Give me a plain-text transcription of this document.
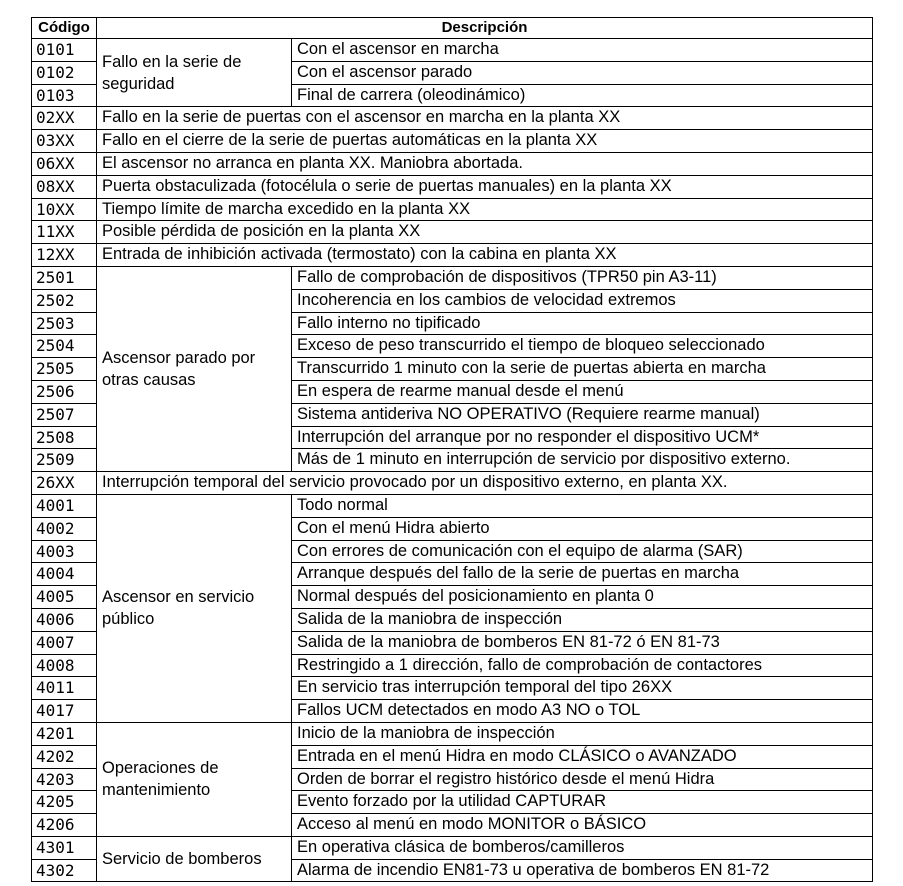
Código	Descripción	
0101	Fallo en la serie de seguridad	Con el ascensor en marcha
0102		Con el ascensor parado
0103		Final de carrera (oleodinámico)
02XX	Fallo en la serie de puertas con el ascensor en marcha en la planta XX	
03XX	Fallo en el cierre de la serie de puertas automáticas en la planta XX	
06XX	El ascensor no arranca en planta XX. Maniobra abortada.	
08XX	Puerta obstaculizada (fotocélula o serie de puertas manuales) en la planta XX	
10XX	Tiempo límite de marcha excedido en la planta XX	
11XX	Posible pérdida de posición en la planta XX	
12XX	Entrada de inhibición activada (termostato) con la cabina en planta XX	
2501	Ascensor parado por otras causas	Fallo de comprobación de dispositivos (TPR50 pin A3-11)
2502		Incoherencia en los cambios de velocidad extremos
2503		Fallo interno no tipificado
2504		Exceso de peso transcurrido el tiempo de bloqueo seleccionado
2505		Transcurrido 1 minuto con la serie de puertas abierta en marcha
2506		En espera de rearme manual desde el menú
2507		Sistema antideriva NO OPERATIVO (Requiere rearme manual)
2508		Interrupción del arranque por no responder el dispositivo UCM*
2509		Más de 1 minuto en interrupción de servicio por dispositivo externo.
26XX	Interrupción temporal del servicio provocado por un dispositivo externo, en planta XX.	
4001	Ascensor en servicio público	Todo normal
4002		Con el menú Hidra abierto
4003		Con errores de comunicación con el equipo de alarma (SAR)
4004		Arranque después del fallo de la serie de puertas en marcha
4005		Normal después del posicionamiento en planta 0
4006		Salida de la maniobra de inspección
4007		Salida de la maniobra de bomberos EN 81-72 ó EN 81-73
4008		Restringido a 1 dirección, fallo de comprobación de contactores
4011		En servicio tras interrupción temporal del tipo 26XX
4017		Fallos UCM detectados en modo A3 NO o TOL
4201	Operaciones de mantenimiento	Inicio de la maniobra de inspección
4202		Entrada en el menú Hidra en modo CLÁSICO o AVANZADO
4203		Orden de borrar el registro histórico desde el menú Hidra
4205		Evento forzado por la utilidad CAPTURAR
4206		Acceso al menú en modo MONITOR o BÁSICO
4301	Servicio de bomberos	En operativa clásica de bomberos/camilleros
4302		Alarma de incendio EN81-73 u operativa de bomberos EN 81-72
